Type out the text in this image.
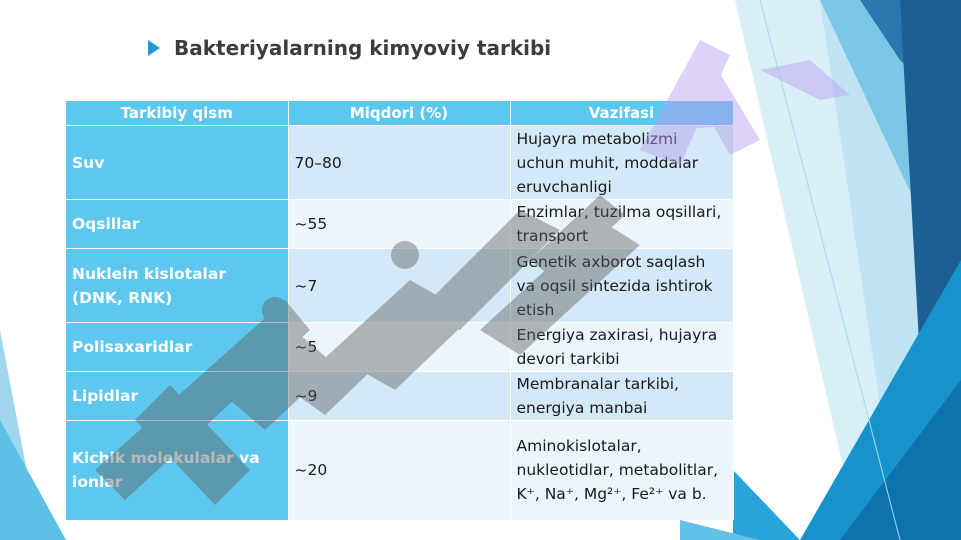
Bakteriyalarning kimyoviy tarkibi
Tarkibiy qism	Miqdori (%)	Vazifasi
Suv	70–80	Hujayra metabolizmi uchun muhit, moddalar eruvchanligi
Oqsillar	~55	Enzimlar, tuzilma oqsillari, transport
Nuklein kislotalar (DNK, RNK)	~7	Genetik axborot saqlash va oqsil sintezida ishtirok etish
Polisaxaridlar	~5	Energiya zaxirasi, hujayra devori tarkibi
Lipidlar	~9	Membranalar tarkibi, energiya manbai
Kichik molekulalar va ionlar	~20	Aminokislotalar, nukleotidlar, metabolitlar, K⁺, Na⁺, Mg²⁺, Fe²⁺ va b.
